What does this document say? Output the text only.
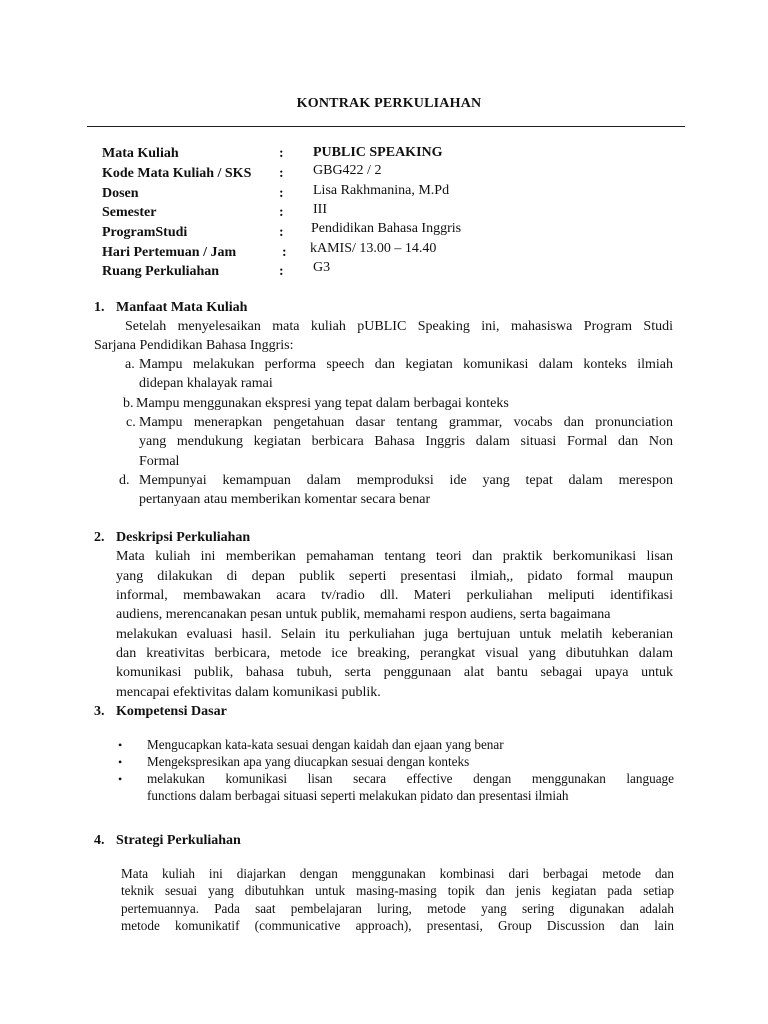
KONTRAK PERKULIAHAN
Mata Kuliah	: PUBLIC SPEAKING
Kode Mata Kuliah / SKS : GBG422 / 2
Dosen	: Lisa Rakhmanina, M.Pd
Semester	: III
ProgramStudi	: Pendidikan Bahasa Inggris
Hari Pertemuan / Jam	: kAMIS/ 13.00 – 14.40
Ruang Perkuliahan	: G3
1. Manfaat Mata Kuliah
Setelah menyelesaikan mata kuliah pUBLIC Speaking ini, mahasiswa Program Studi
Sarjana Pendidikan Bahasa Inggris:
a. Mampu melakukan performa speech dan kegiatan komunikasi dalam konteks ilmiah
didepan khalayak ramai
b. Mampu menggunakan ekspresi yang tepat dalam berbagai konteks
c. Mampu menerapkan pengetahuan dasar tentang grammar, vocabs dan pronunciation
yang mendukung kegiatan berbicara Bahasa Inggris dalam situasi Formal dan Non
Formal
d. Mempunyai kemampuan dalam memproduksi ide yang tepat dalam merespon
pertanyaan atau memberikan komentar secara benar
2. Deskripsi Perkuliahan
Mata kuliah ini memberikan pemahaman tentang teori dan praktik berkomunikasi lisan
yang dilakukan di depan publik seperti presentasi ilmiah,, pidato formal maupun
informal, membawakan acara tv/radio dll. Materi perkuliahan meliputi identifikasi
audiens, merencanakan pesan untuk publik, memahami respon audiens, serta bagaimana
melakukan evaluasi hasil. Selain itu perkuliahan juga bertujuan untuk melatih keberanian
dan kreativitas berbicara, metode ice breaking, perangkat visual yang dibutuhkan dalam
komunikasi publik, bahasa tubuh, serta penggunaan alat bantu sebagai upaya untuk
mencapai efektivitas dalam komunikasi publik.
3. Kompetensi Dasar
• Mengucapkan kata-kata sesuai dengan kaidah dan ejaan yang benar
• Mengekspresikan apa yang diucapkan sesuai dengan konteks
• melakukan komunikasi lisan secara effective dengan menggunakan language
functions dalam berbagai situasi seperti melakukan pidato dan presentasi ilmiah
4. Strategi Perkuliahan
Mata kuliah ini diajarkan dengan menggunakan kombinasi dari berbagai metode dan
teknik sesuai yang dibutuhkan untuk masing-masing topik dan jenis kegiatan pada setiap
pertemuannya. Pada saat pembelajaran luring, metode yang sering digunakan adalah
metode komunikatif (communicative approach), presentasi, Group Discussion dan lain
